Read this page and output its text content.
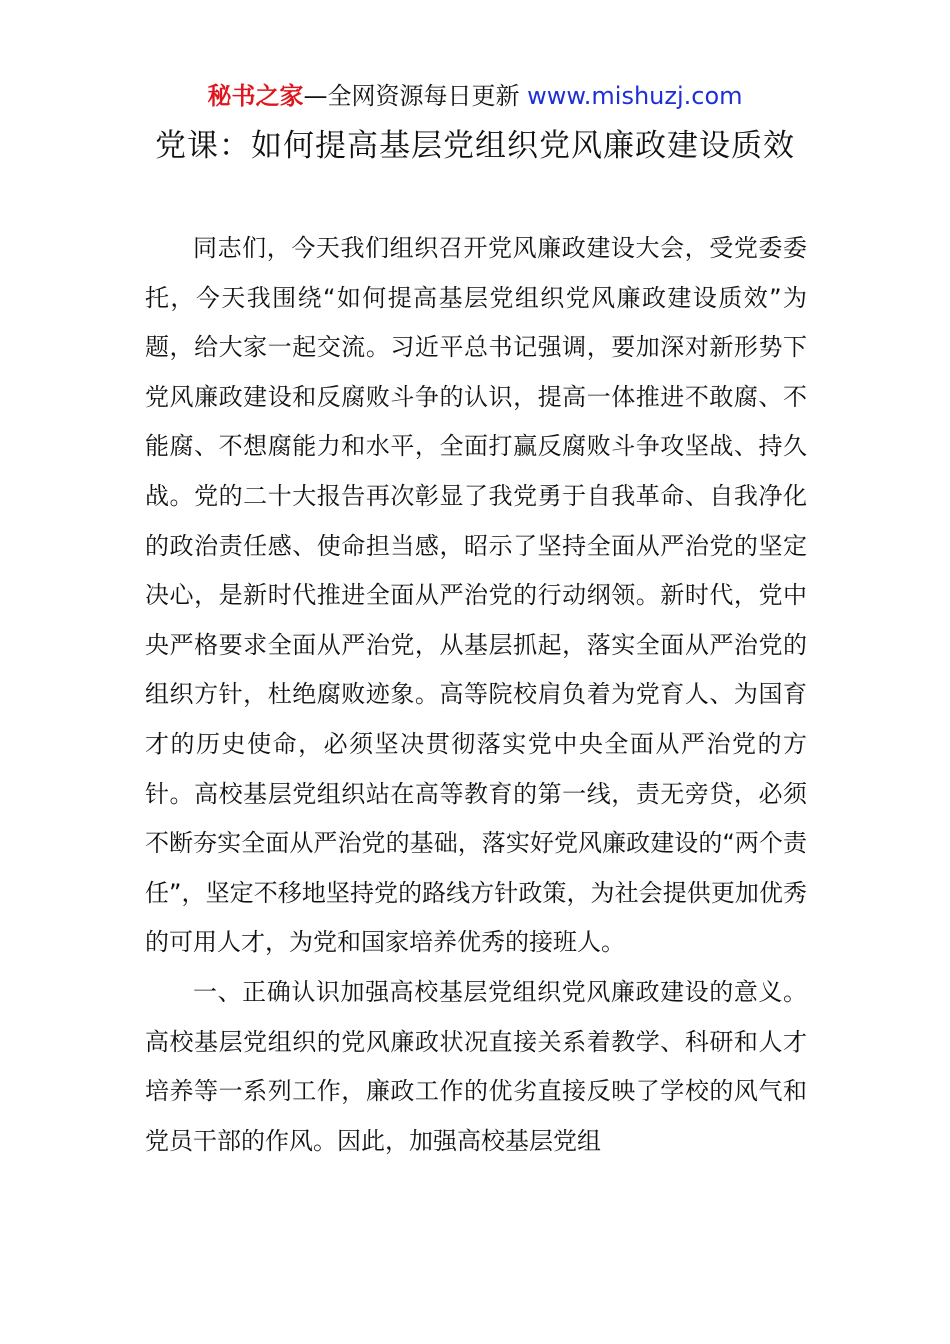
秘书之家—全网资源每日更新 www.mishuzj.com
党课：如何提高基层党组织党风廉政建设质效

同志们，今天我们组织召开党风廉政建设大会，受党委委托，今天我围绕“如何提高基层党组织党风廉政建设质效”为题，给大家一起交流。习近平总书记强调，要加深对新形势下党风廉政建设和反腐败斗争的认识，提高一体推进不敢腐、不能腐、不想腐能力和水平，全面打赢反腐败斗争攻坚战、持久战。党的二十大报告再次彰显了我党勇于自我革命、自我净化的政治责任感、使命担当感，昭示了坚持全面从严治党的坚定决心，是新时代推进全面从严治党的行动纲领。新时代，党中央严格要求全面从严治党，从基层抓起，落实全面从严治党的组织方针，杜绝腐败迹象。高等院校肩负着为党育人、为国育才的历史使命，必须坚决贯彻落实党中央全面从严治党的方针。高校基层党组织站在高等教育的第一线，责无旁贷，必须不断夯实全面从严治党的基础，落实好党风廉政建设的“两个责任”，坚定不移地坚持党的路线方针政策，为社会提供更加优秀的可用人才，为党和国家培养优秀的接班人。

一、正确认识加强高校基层党组织党风廉政建设的意义。高校基层党组织的党风廉政状况直接关系着教学、科研和人才培养等一系列工作，廉政工作的优劣直接反映了学校的风气和党员干部的作风。因此，加强高校基层党组
